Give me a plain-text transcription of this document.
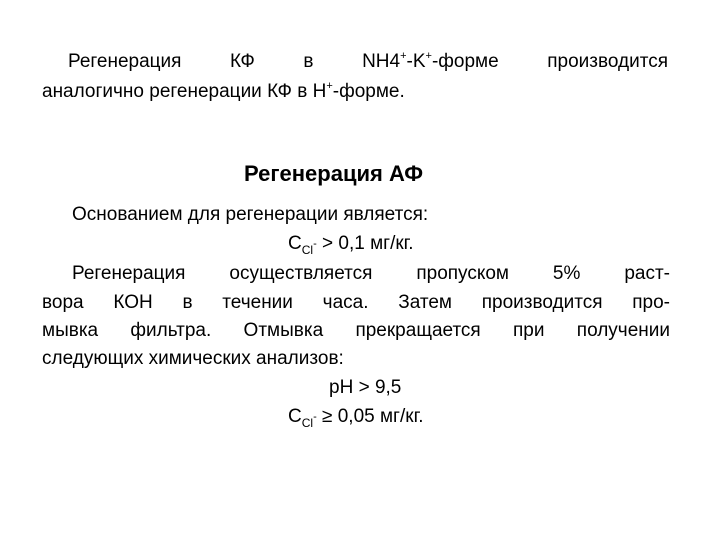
Регенерация КФ в NH4+-K+-форме производится
аналогично регенерации КФ в H+-форме.
Регенерация АФ
Основанием для регенерации является:
$С_{Cl}- > 0,1$ мг/кг.
Регенерация осуществляется пропуском 5% раст-
вора КОН в течении часа. Затем производится про-
мывка фильтра. Отмывка прекращается при получении
следующих химических анализов:
рН > 9,5
$С_{Cl}- \ge 0,05$ мг/кг.
